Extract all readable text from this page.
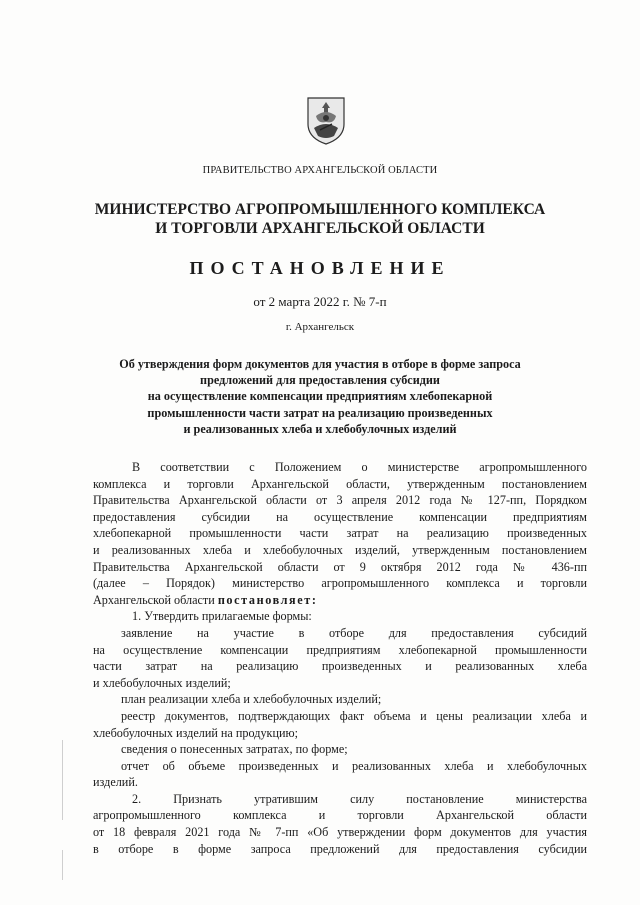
ПРАВИТЕЛЬСТВО АРХАНГЕЛЬСКОЙ ОБЛАСТИ
МИНИСТЕРСТВО АГРОПРОМЫШЛЕННОГО КОМПЛЕКСА
И ТОРГОВЛИ АРХАНГЕЛЬСКОЙ ОБЛАСТИ
ПОСТАНОВЛЕНИЕ
от 2 марта 2022 г. № 7-п
г. Архангельск
Об утверждения форм документов для участия в отборе в форме запроса
предложений для предоставления субсидии
на осуществление компенсации предприятиям хлебопекарной
промышленности части затрат на реализацию произведенных
и реализованных хлеба и хлебобулочных изделий
В соответствии с Положением о министерстве агропромышленного
комплекса и торговли Архангельской области, утвержденным постановлением
Правительства Архангельской области от 3 апреля 2012 года № 127-пп, Порядком
предоставления субсидии на осуществление компенсации предприятиям
хлебопекарной промышленности части затрат на реализацию произведенных
и реализованных хлеба и хлебобулочных изделий, утвержденным постановлением
Правительства Архангельской области от 9 октября 2012 года № 436-пп
(далее – Порядок) министерство агропромышленного комплекса и торговли
Архангельской области постановляет:
1. Утвердить прилагаемые формы:
заявление на участие в отборе для предоставления субсидий
на осуществление компенсации предприятиям хлебопекарной промышленности
части затрат на реализацию произведенных и реализованных хлеба
и хлебобулочных изделий;
план реализации хлеба и хлебобулочных изделий;
реестр документов, подтверждающих факт объема и цены реализации хлеба и
хлебобулочных изделий на продукцию;
сведения о понесенных затратах, по форме;
отчет об объеме произведенных и реализованных хлеба и хлебобулочных
изделий.
2. Признать утратившим силу постановление министерства
агропромышленного комплекса и торговли Архангельской области
от 18 февраля 2021 года № 7-пп «Об утверждении форм документов для участия
в отборе в форме запроса предложений для предоставления субсидии
